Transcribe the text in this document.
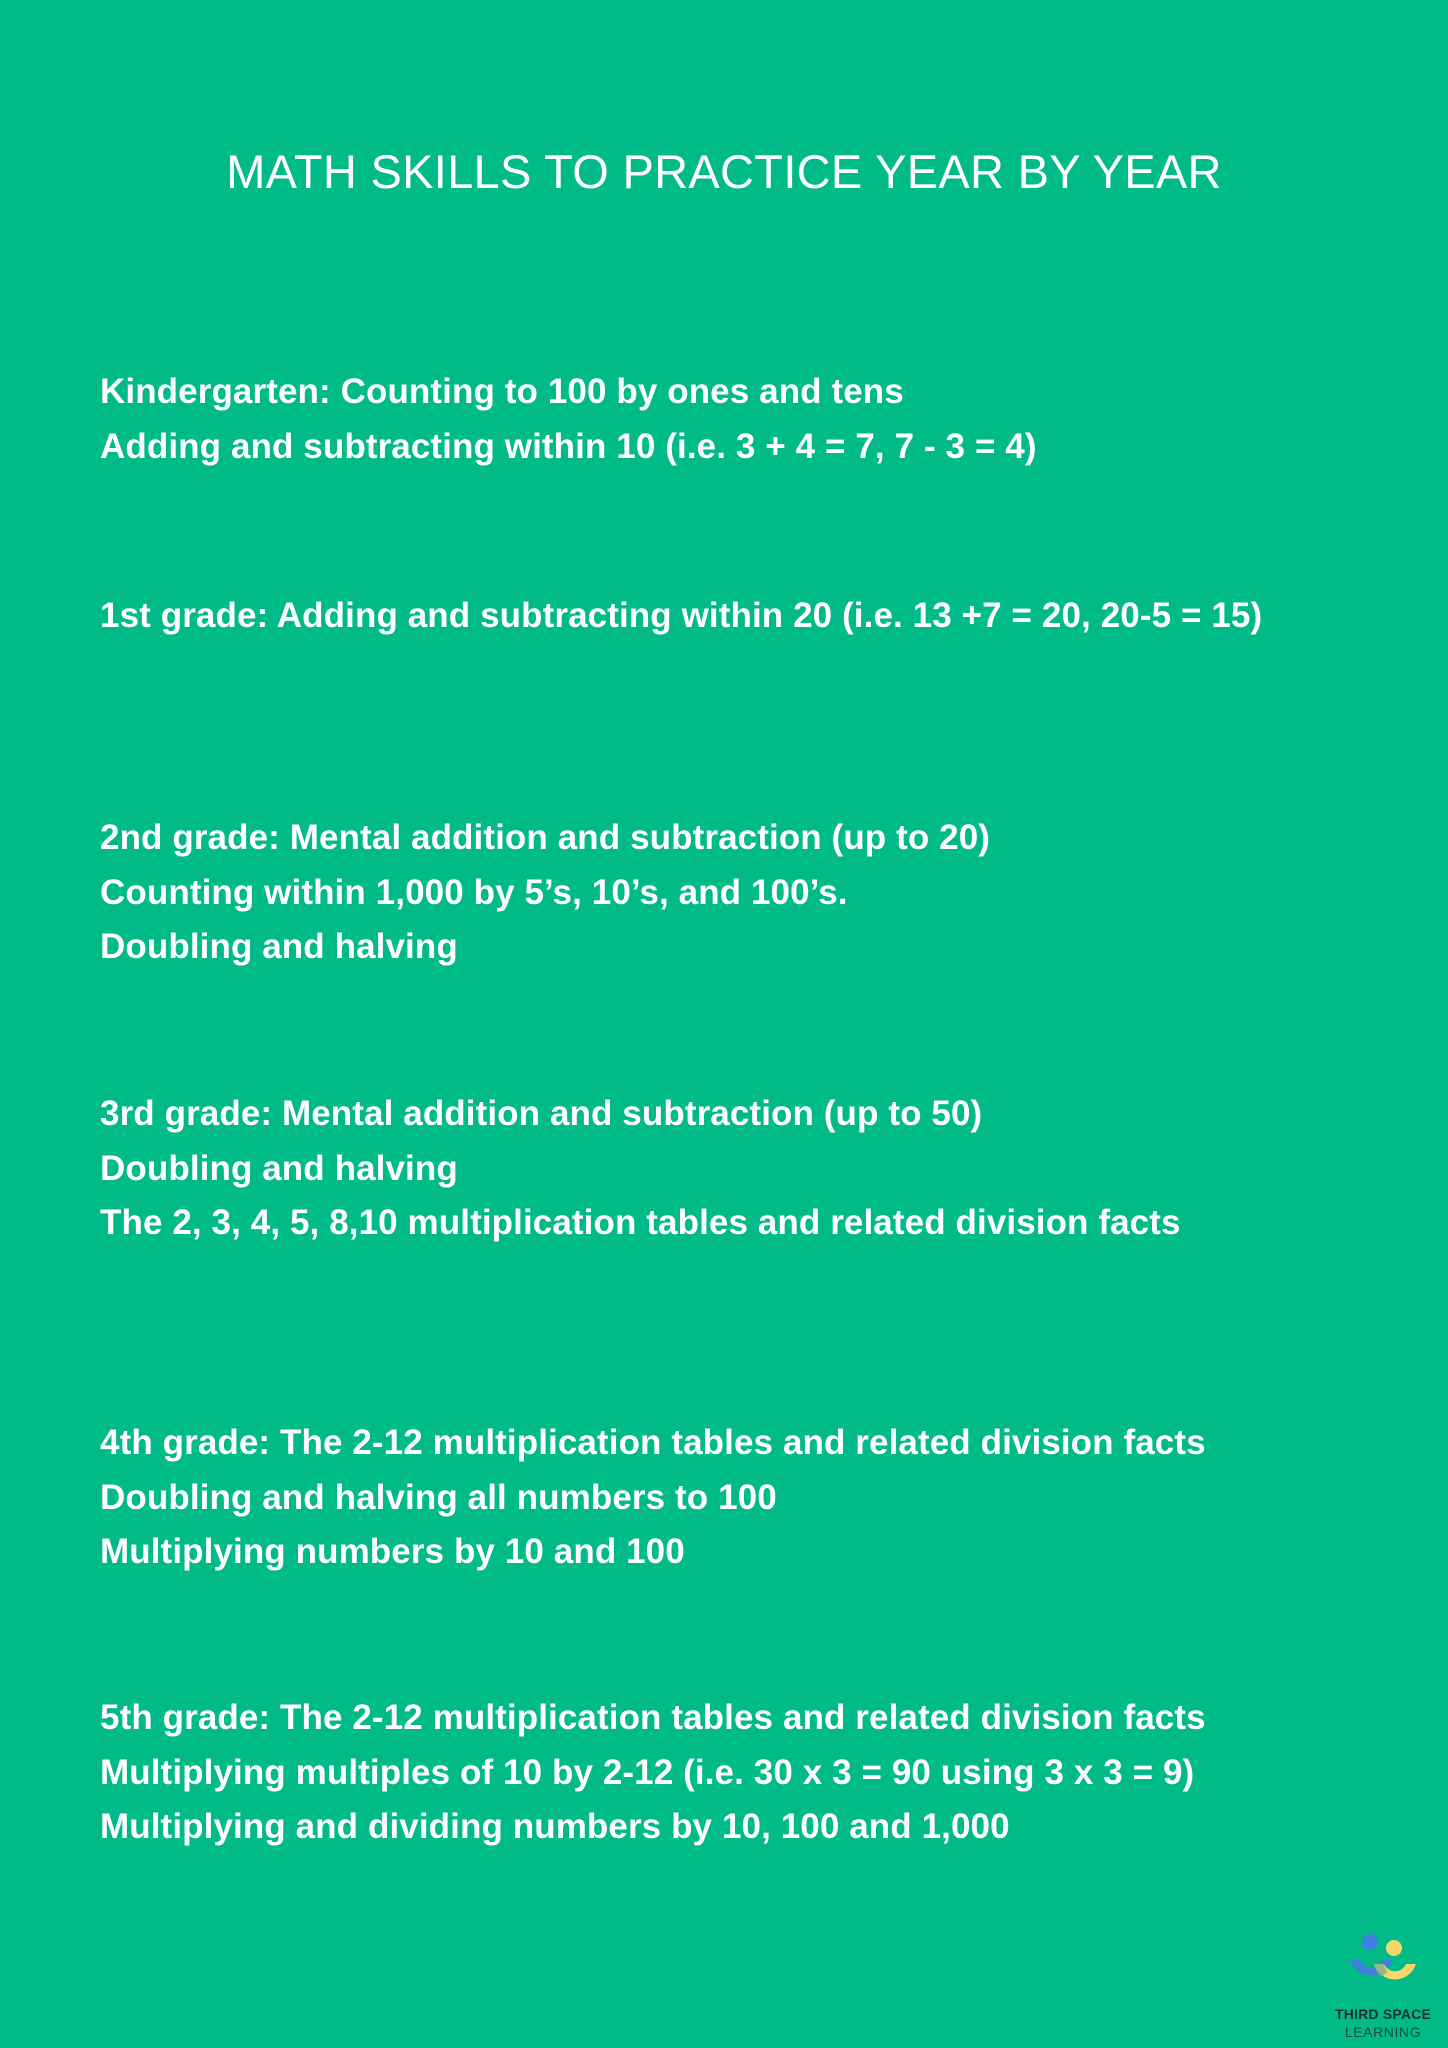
MATH SKILLS TO PRACTICE YEAR BY YEAR
Kindergarten: Counting to 100 by ones and tens
Adding and subtracting within 10 (i.e. 3 + 4 = 7, 7 - 3 = 4)
1st grade: Adding and subtracting within 20 (i.e. 13 +7 = 20, 20-5 = 15)
2nd grade: Mental addition and subtraction (up to 20)
Counting within 1,000 by 5’s, 10’s, and 100’s.
Doubling and halving
3rd grade: Mental addition and subtraction (up to 50)
Doubling and halving
The 2, 3, 4, 5, 8,10 multiplication tables and related division facts
4th grade: The 2-12 multiplication tables and related division facts
Doubling and halving all numbers to 100
Multiplying numbers by 10 and 100
5th grade: The 2-12 multiplication tables and related division facts
Multiplying multiples of 10 by 2-12 (i.e. 30 x 3 = 90 using 3 x 3 = 9)
Multiplying and dividing numbers by 10, 100 and 1,000
THIRD SPACE
LEARNING
